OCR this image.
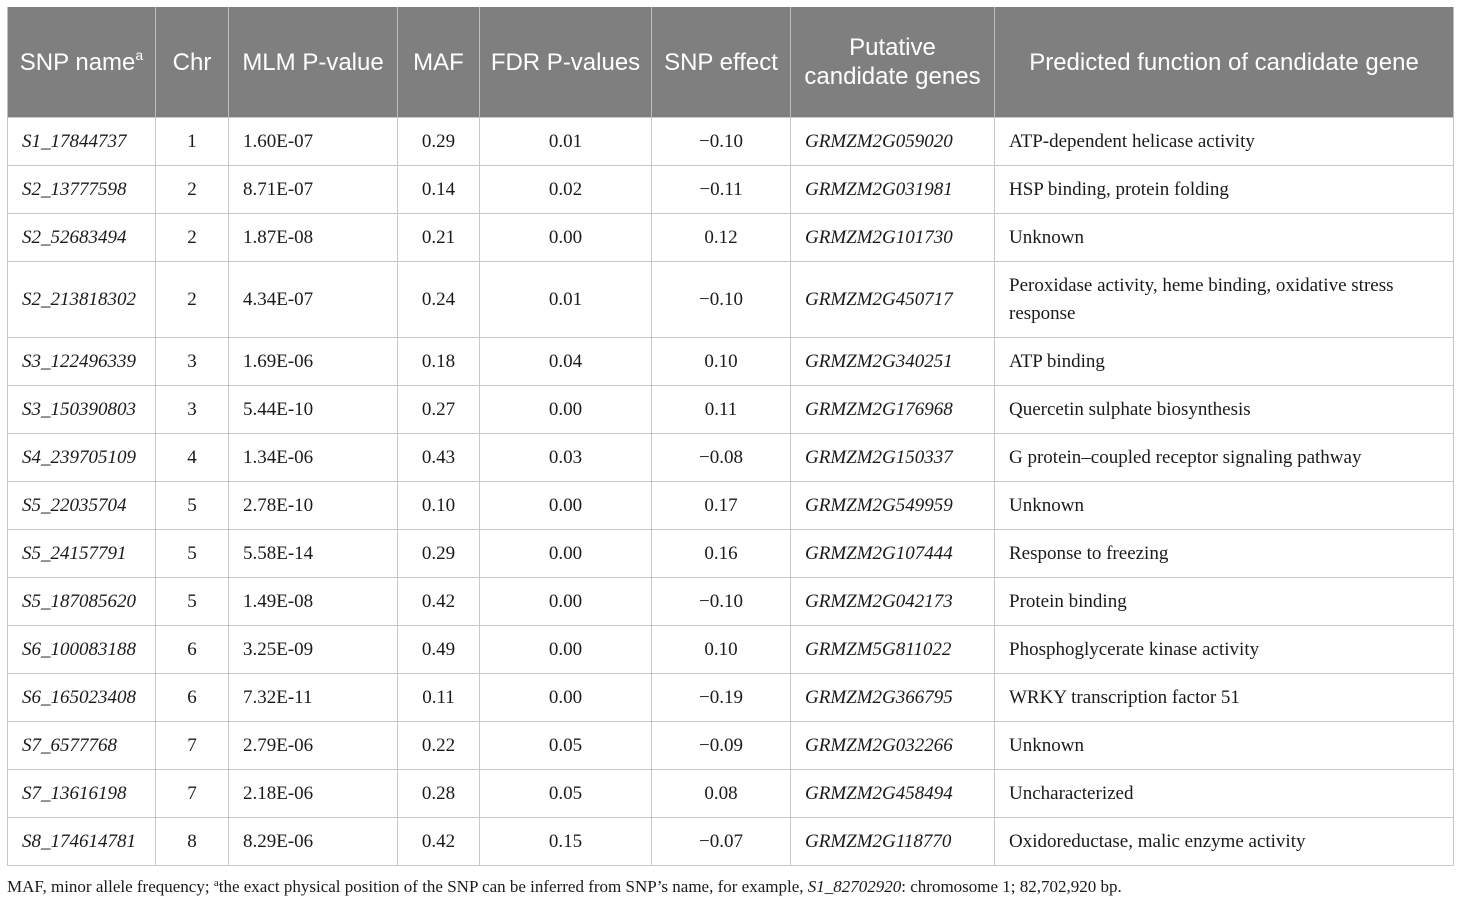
SNP name$^a$	Chr	MLM P-value	MAF	FDR P-values	SNP effect	Putative candidate genes	Predicted function of candidate gene
S1_17844737	1	1.60E-07	0.29	0.01	−0.10	GRMZM2G059020	ATP-dependent helicase activity
S2_13777598	2	8.71E-07	0.14	0.02	−0.11	GRMZM2G031981	HSP binding, protein folding
S2_52683494	2	1.87E-08	0.21	0.00	0.12	GRMZM2G101730	Unknown
S2_213818302	2	4.34E-07	0.24	0.01	−0.10	GRMZM2G450717	Peroxidase activity, heme binding, oxidative stress response
S3_122496339	3	1.69E-06	0.18	0.04	0.10	GRMZM2G340251	ATP binding
S3_150390803	3	5.44E-10	0.27	0.00	0.11	GRMZM2G176968	Quercetin sulphate biosynthesis
S4_239705109	4	1.34E-06	0.43	0.03	−0.08	GRMZM2G150337	G protein–coupled receptor signaling pathway
S5_22035704	5	2.78E-10	0.10	0.00	0.17	GRMZM2G549959	Unknown
S5_24157791	5	5.58E-14	0.29	0.00	0.16	GRMZM2G107444	Response to freezing
S5_187085620	5	1.49E-08	0.42	0.00	−0.10	GRMZM2G042173	Protein binding
S6_100083188	6	3.25E-09	0.49	0.00	0.10	GRMZM5G811022	Phosphoglycerate kinase activity
S6_165023408	6	7.32E-11	0.11	0.00	−0.19	GRMZM2G366795	WRKY transcription factor 51
S7_6577768	7	2.79E-06	0.22	0.05	−0.09	GRMZM2G032266	Unknown
S7_13616198	7	2.18E-06	0.28	0.05	0.08	GRMZM2G458494	Uncharacterized
S8_174614781	8	8.29E-06	0.42	0.15	−0.07	GRMZM2G118770	Oxidoreductase, malic enzyme activity
MAF, minor allele frequency; $^a$the exact physical position of the SNP can be inferred from SNP’s name, for example, S1_82702920: chromosome 1; 82,702,920 bp.
